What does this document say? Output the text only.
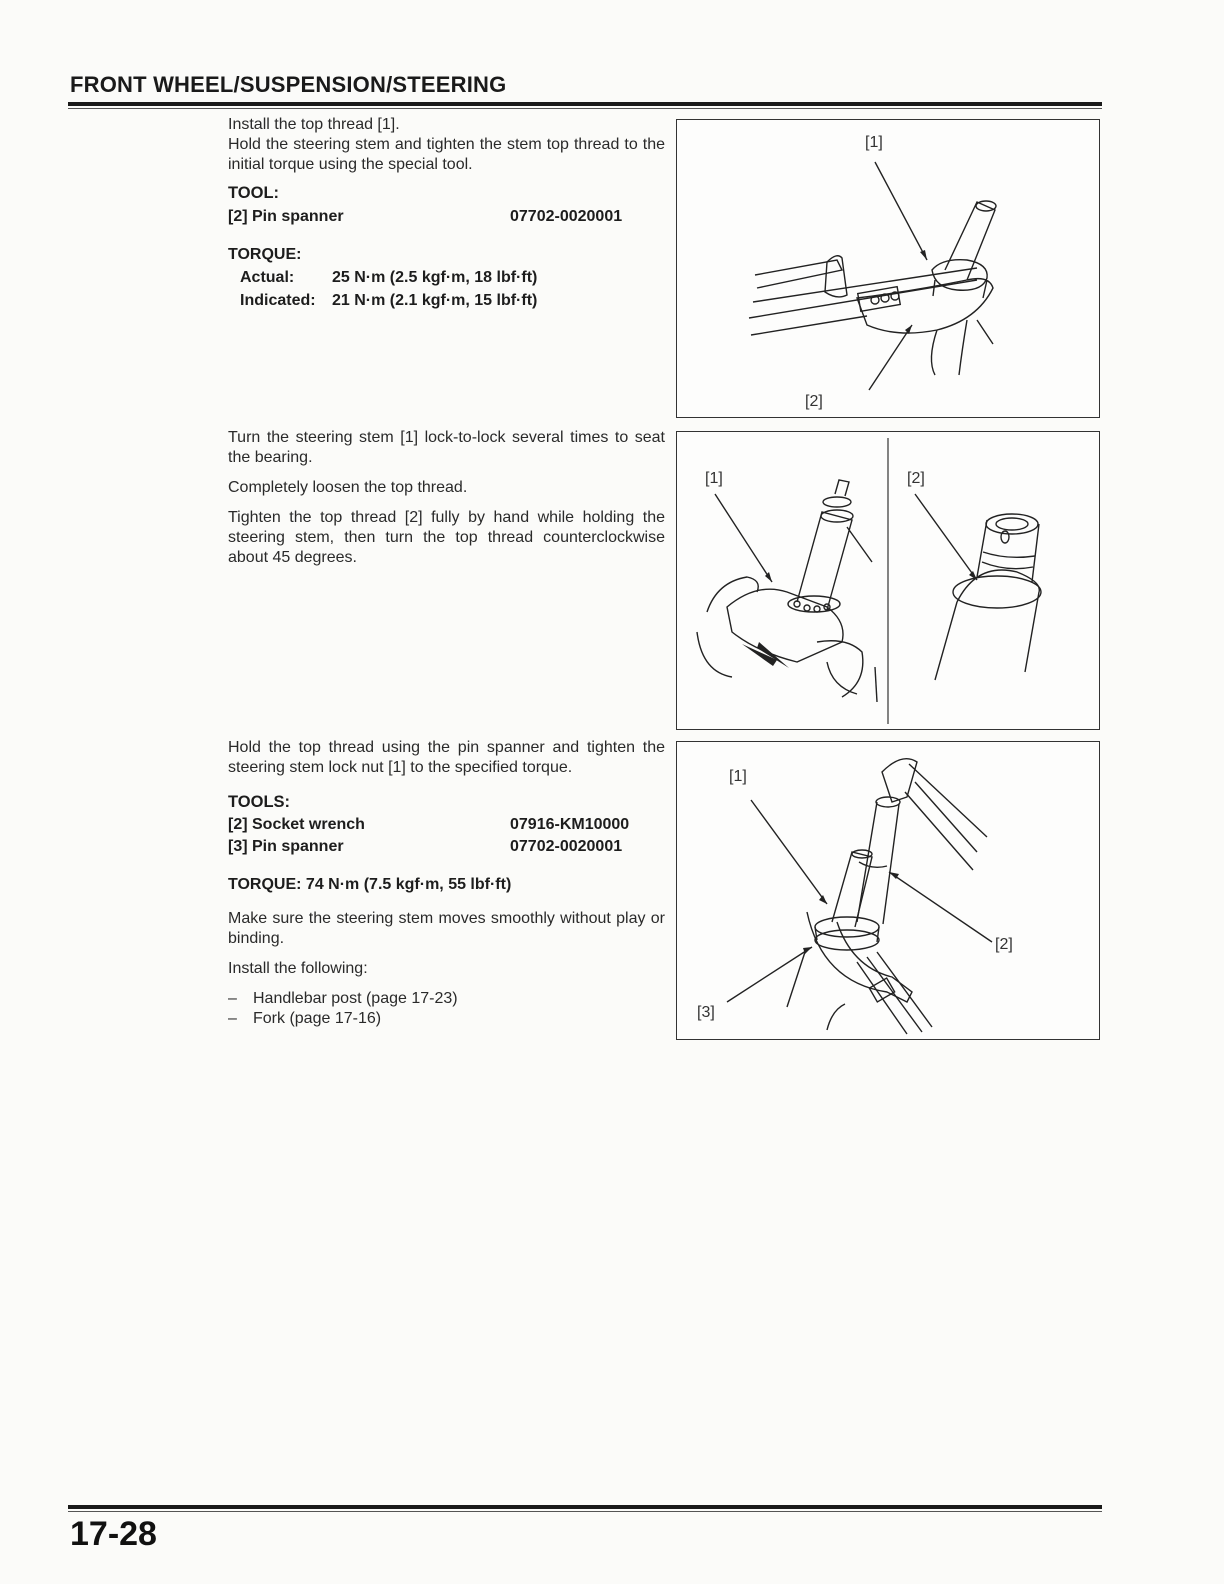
FRONT WHEEL/SUSPENSION/STEERING

Install the top thread [1].

Hold the steering stem and tighten the stem top thread to the initial torque using the special tool.

TOOL:

[2] Pin spanner	07702-0020001

TORQUE:

Actual:	25 N·m (2.5 kgf·m, 18 lbf·ft)
Indicated:	21 N·m (2.1 kgf·m, 15 lbf·ft)
[1]
[2]

Turn the steering stem [1] lock-to-lock several times to seat the bearing.

Completely loosen the top thread.

Tighten the top thread [2] fully by hand while holding the steering stem, then turn the top thread counterclockwise about 45 degrees.

[1]	[2]

Hold the top thread using the pin spanner and tighten the steering stem lock nut [1] to the specified torque.

TOOLS:

[2] Socket wrench	07916-KM10000
[3] Pin spanner	07702-0020001

TORQUE: 74 N·m (7.5 kgf·m, 55 lbf·ft)

Make sure the steering stem moves smoothly without play or binding.

Install the following:

–	Handlebar post (page 17-23)
–	Fork (page 17-16)
[1]
[2]
[3]
17-28
